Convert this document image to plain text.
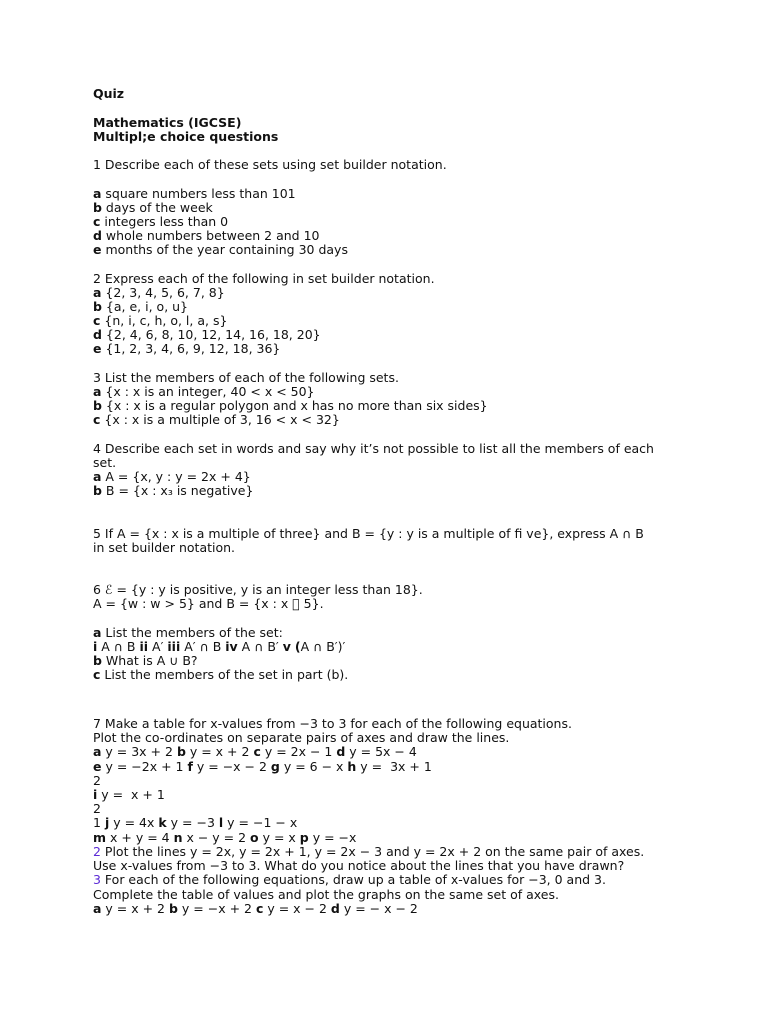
Quiz
Mathematics (IGCSE)
Multipl;e choice questions
1 Describe each of these sets using set builder notation.
a square numbers less than 101
b days of the week
c integers less than 0
d whole numbers between 2 and 10
e months of the year containing 30 days
2 Express each of the following in set builder notation.
a {2, 3, 4, 5, 6, 7, 8}
b {a, e, i, o, u}
c {n, i, c, h, o, l, a, s}
d {2, 4, 6, 8, 10, 12, 14, 16, 18, 20}
e {1, 2, 3, 4, 6, 9, 12, 18, 36}
3 List the members of each of the following sets.
a {x : x is an integer, 40 < x < 50}
b {x : x is a regular polygon and x has no more than six sides}
c {x : x is a multiple of 3, 16 < x < 32}
4 Describe each set in words and say why it’s not possible to list all the members of each
set.
a A = {x, y : y = 2x + 4}
b B = {x : x₃ is negative}
5 If A = {x : x is a multiple of three} and B = {y : y is a multiple of fi ve}, express A ∩ B
in set builder notation.
6 ℰ = {y : y is positive, y is an integer less than 18}.
A = {w : w > 5} and B = {x : x ￿ 5}.
a List the members of the set:
i A ∩ B ii A′ iii A′ ∩ B iv A ∩ B′ v (A ∩ B′)′
b What is A ∪ B?
c List the members of the set in part (b).
7 Make a table for x-values from −3 to 3 for each of the following equations.
Plot the co-ordinates on separate pairs of axes and draw the lines.
a y = 3x + 2 b y = x + 2 c y = 2x − 1 d y = 5x − 4
e y = −2x + 1 f y = −x − 2 g y = 6 − x h y =  3x + 1
2
i y =  x + 1
2
1 j y = 4x k y = −3 l y = −1 − x
m x + y = 4 n x − y = 2 o y = x p y = −x
2 Plot the lines y = 2x, y = 2x + 1, y = 2x − 3 and y = 2x + 2 on the same pair of axes.
Use x-values from −3 to 3. What do you notice about the lines that you have drawn?
3 For each of the following equations, draw up a table of x-values for −3, 0 and 3.
Complete the table of values and plot the graphs on the same set of axes.
a y = x + 2 b y = −x + 2 c y = x − 2 d y = − x − 2
